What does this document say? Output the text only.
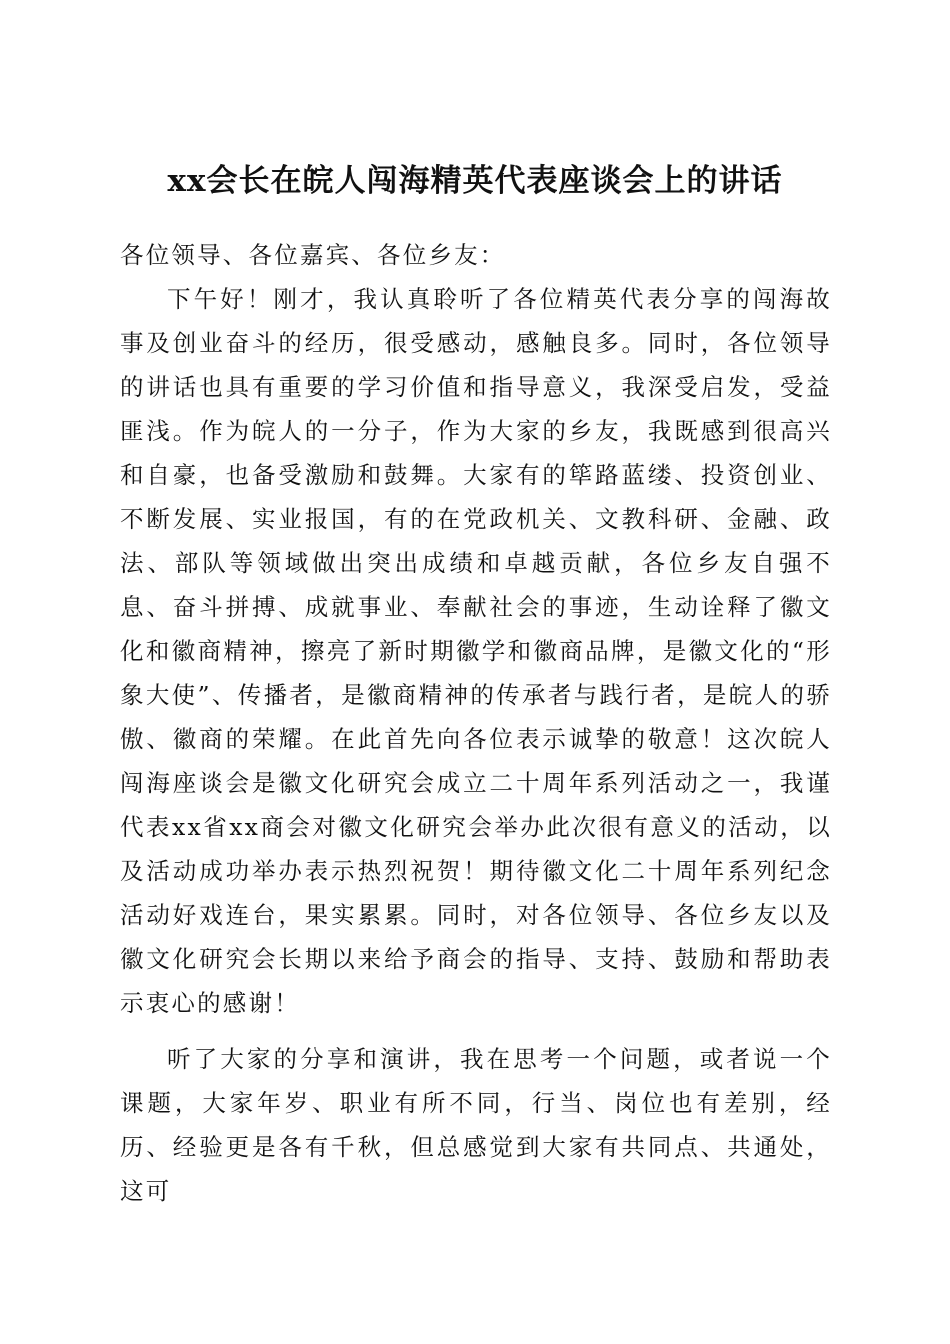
xx会长在皖人闯海精英代表座谈会上的讲话

各位领导、各位嘉宾、各位乡友：

下午好！刚才，我认真聆听了各位精英代表分享的闯海故事及创业奋斗的经历，很受感动，感触良多。同时，各位领导的讲话也具有重要的学习价值和指导意义，我深受启发，受益匪浅。作为皖人的一分子，作为大家的乡友，我既感到很高兴和自豪，也备受激励和鼓舞。大家有的筚路蓝缕、投资创业、不断发展、实业报国，有的在党政机关、文教科研、金融、政法、部队等领域做出突出成绩和卓越贡献，各位乡友自强不息、奋斗拼搏、成就事业、奉献社会的事迹，生动诠释了徽文化和徽商精神，擦亮了新时期徽学和徽商品牌，是徽文化的“形象大使”、传播者，是徽商精神的传承者与践行者，是皖人的骄傲、徽商的荣耀。在此首先向各位表示诚挚的敬意！这次皖人闯海座谈会是徽文化研究会成立二十周年系列活动之一，我谨代表xx省xx商会对徽文化研究会举办此次很有意义的活动，以及活动成功举办表示热烈祝贺！期待徽文化二十周年系列纪念活动好戏连台，果实累累。同时，对各位领导、各位乡友以及徽文化研究会长期以来给予商会的指导、支持、鼓励和帮助表示衷心的感谢！

听了大家的分享和演讲，我在思考一个问题，或者说一个课题，大家年岁、职业有所不同，行当、岗位也有差别，经历、经验更是各有千秋，但总感觉到大家有共同点、共通处，这可
